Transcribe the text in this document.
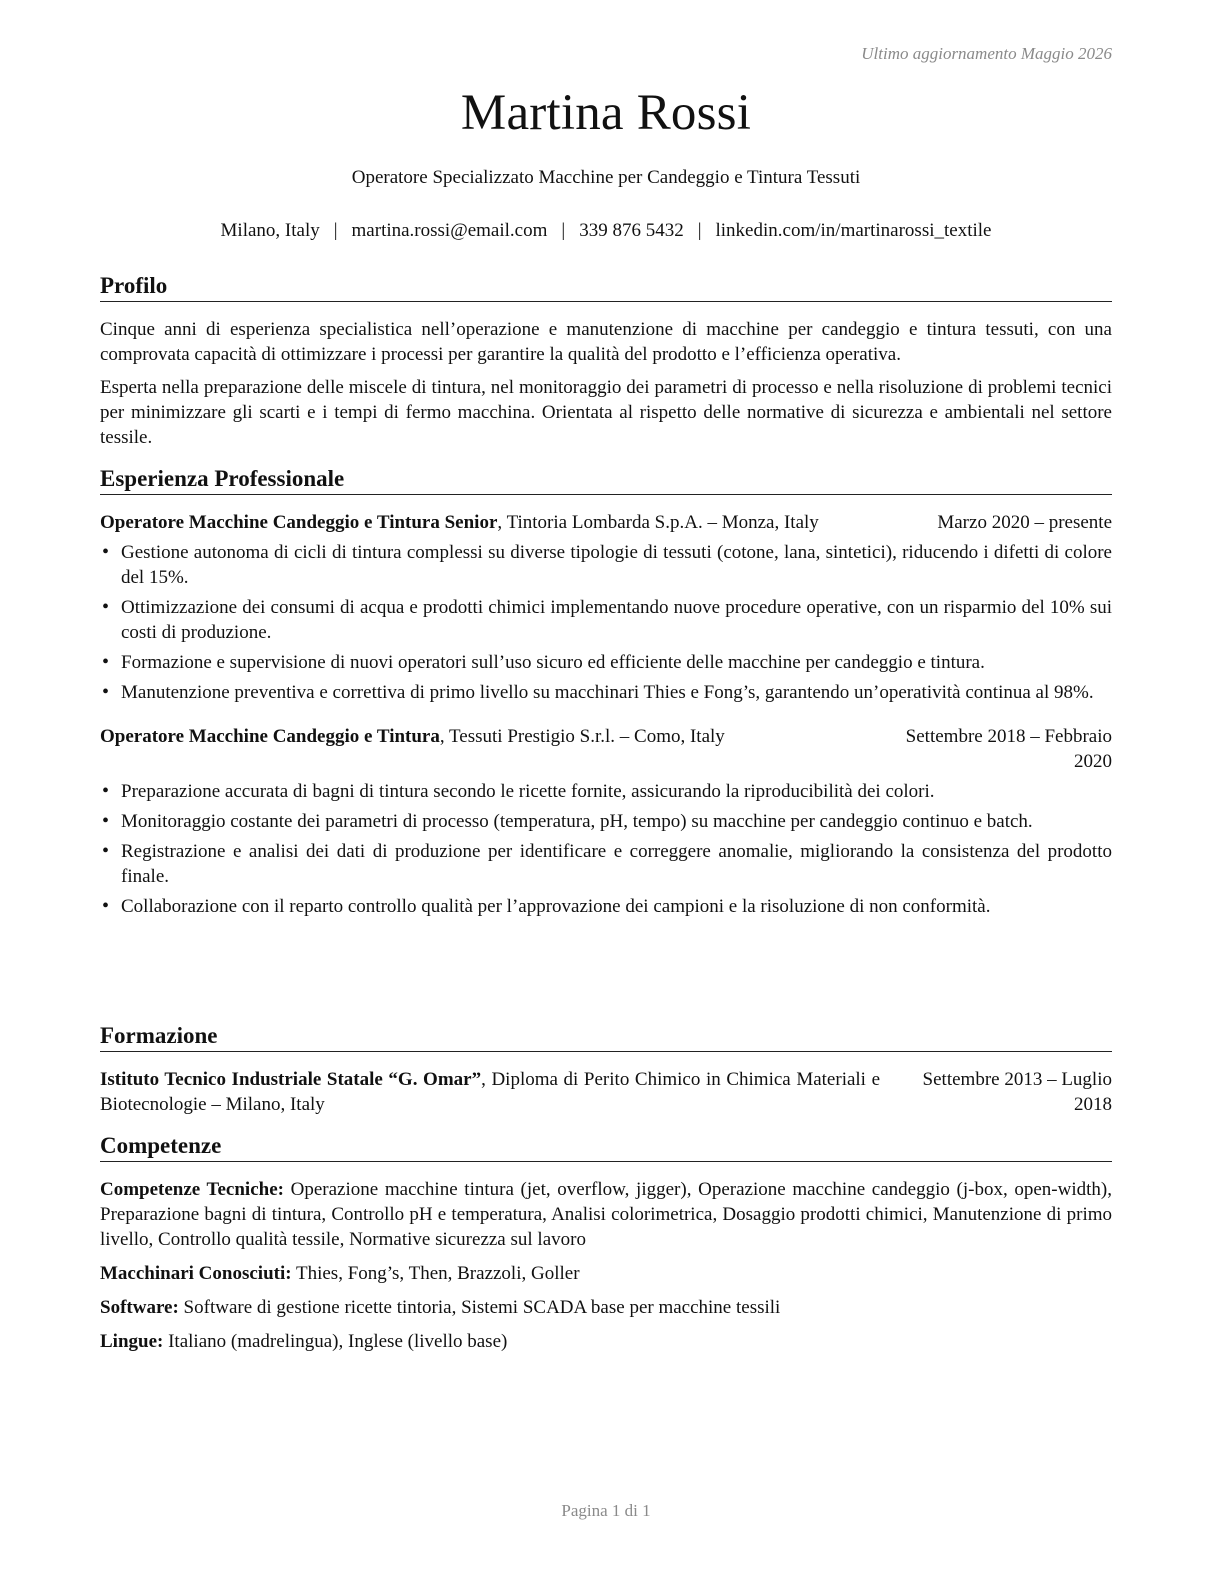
Ultimo aggiornamento Maggio 2026
Martina Rossi
Operatore Specializzato Macchine per Candeggio e Tintura Tessuti
Milano, Italy | martina.rossi@email.com | 339 876 5432 | linkedin.com/in/martinarossi_textile
Profilo

Cinque anni di esperienza specialistica nell’operazione e manutenzione di macchine per candeggio e tintura tessuti, con una comprovata capacità di ottimizzare i processi per garantire la qualità del prodotto e l’efficienza operativa.

Esperta nella preparazione delle miscele di tintura, nel monitoraggio dei parametri di processo e nella risoluzione di problemi tecnici per minimizzare gli scarti e i tempi di fermo macchina. Orientata al rispetto delle normative di sicurezza e ambientali nel settore tessile.

Esperienza Professionale
Operatore Macchine Candeggio e Tintura Senior, Tintoria Lombarda S.p.A. – Monza, Italy	Marzo 2020 – presente
• Gestione autonoma di cicli di tintura complessi su diverse tipologie di tessuti (cotone, lana, sintetici), riducendo i difetti di colore del 15%.
• Ottimizzazione dei consumi di acqua e prodotti chimici implementando nuove procedure operative, con un risparmio del 10% sui costi di produzione.
• Formazione e supervisione di nuovi operatori sull’uso sicuro ed efficiente delle macchine per candeggio e tintura.
• Manutenzione preventiva e correttiva di primo livello su macchinari Thies e Fong’s, garantendo un’operatività continua al 98%.
Operatore Macchine Candeggio e Tintura, Tessuti Prestigio S.r.l. – Como, Italy	Settembre 2018 – Febbraio 2020
• Preparazione accurata di bagni di tintura secondo le ricette fornite, assicurando la riproducibilità dei colori.
• Monitoraggio costante dei parametri di processo (temperatura, pH, tempo) su macchine per candeggio continuo e batch.
• Registrazione e analisi dei dati di produzione per identificare e correggere anomalie, migliorando la consistenza del prodotto finale.
• Collaborazione con il reparto controllo qualità per l’approvazione dei campioni e la risoluzione di non conformità.
Formazione
Istituto Tecnico Industriale Statale “G. Omar”, Diploma di Perito Chimico in Chimica Materiali e Biotecnologie – Milano, Italy
Settembre 2013 – Luglio 2018
Competenze

Competenze Tecniche: Operazione macchine tintura (jet, overflow, jigger), Operazione macchine candeggio (j-box, open-width), Preparazione bagni di tintura, Controllo pH e temperatura, Analisi colorimetrica, Dosaggio prodotti chimici, Manutenzione di primo livello, Controllo qualità tessile, Normative sicurezza sul lavoro

Macchinari Conosciuti: Thies, Fong’s, Then, Brazzoli, Goller

Software: Software di gestione ricette tintoria, Sistemi SCADA base per macchine tessili

Lingue: Italiano (madrelingua), Inglese (livello base)

Pagina 1 di 1
